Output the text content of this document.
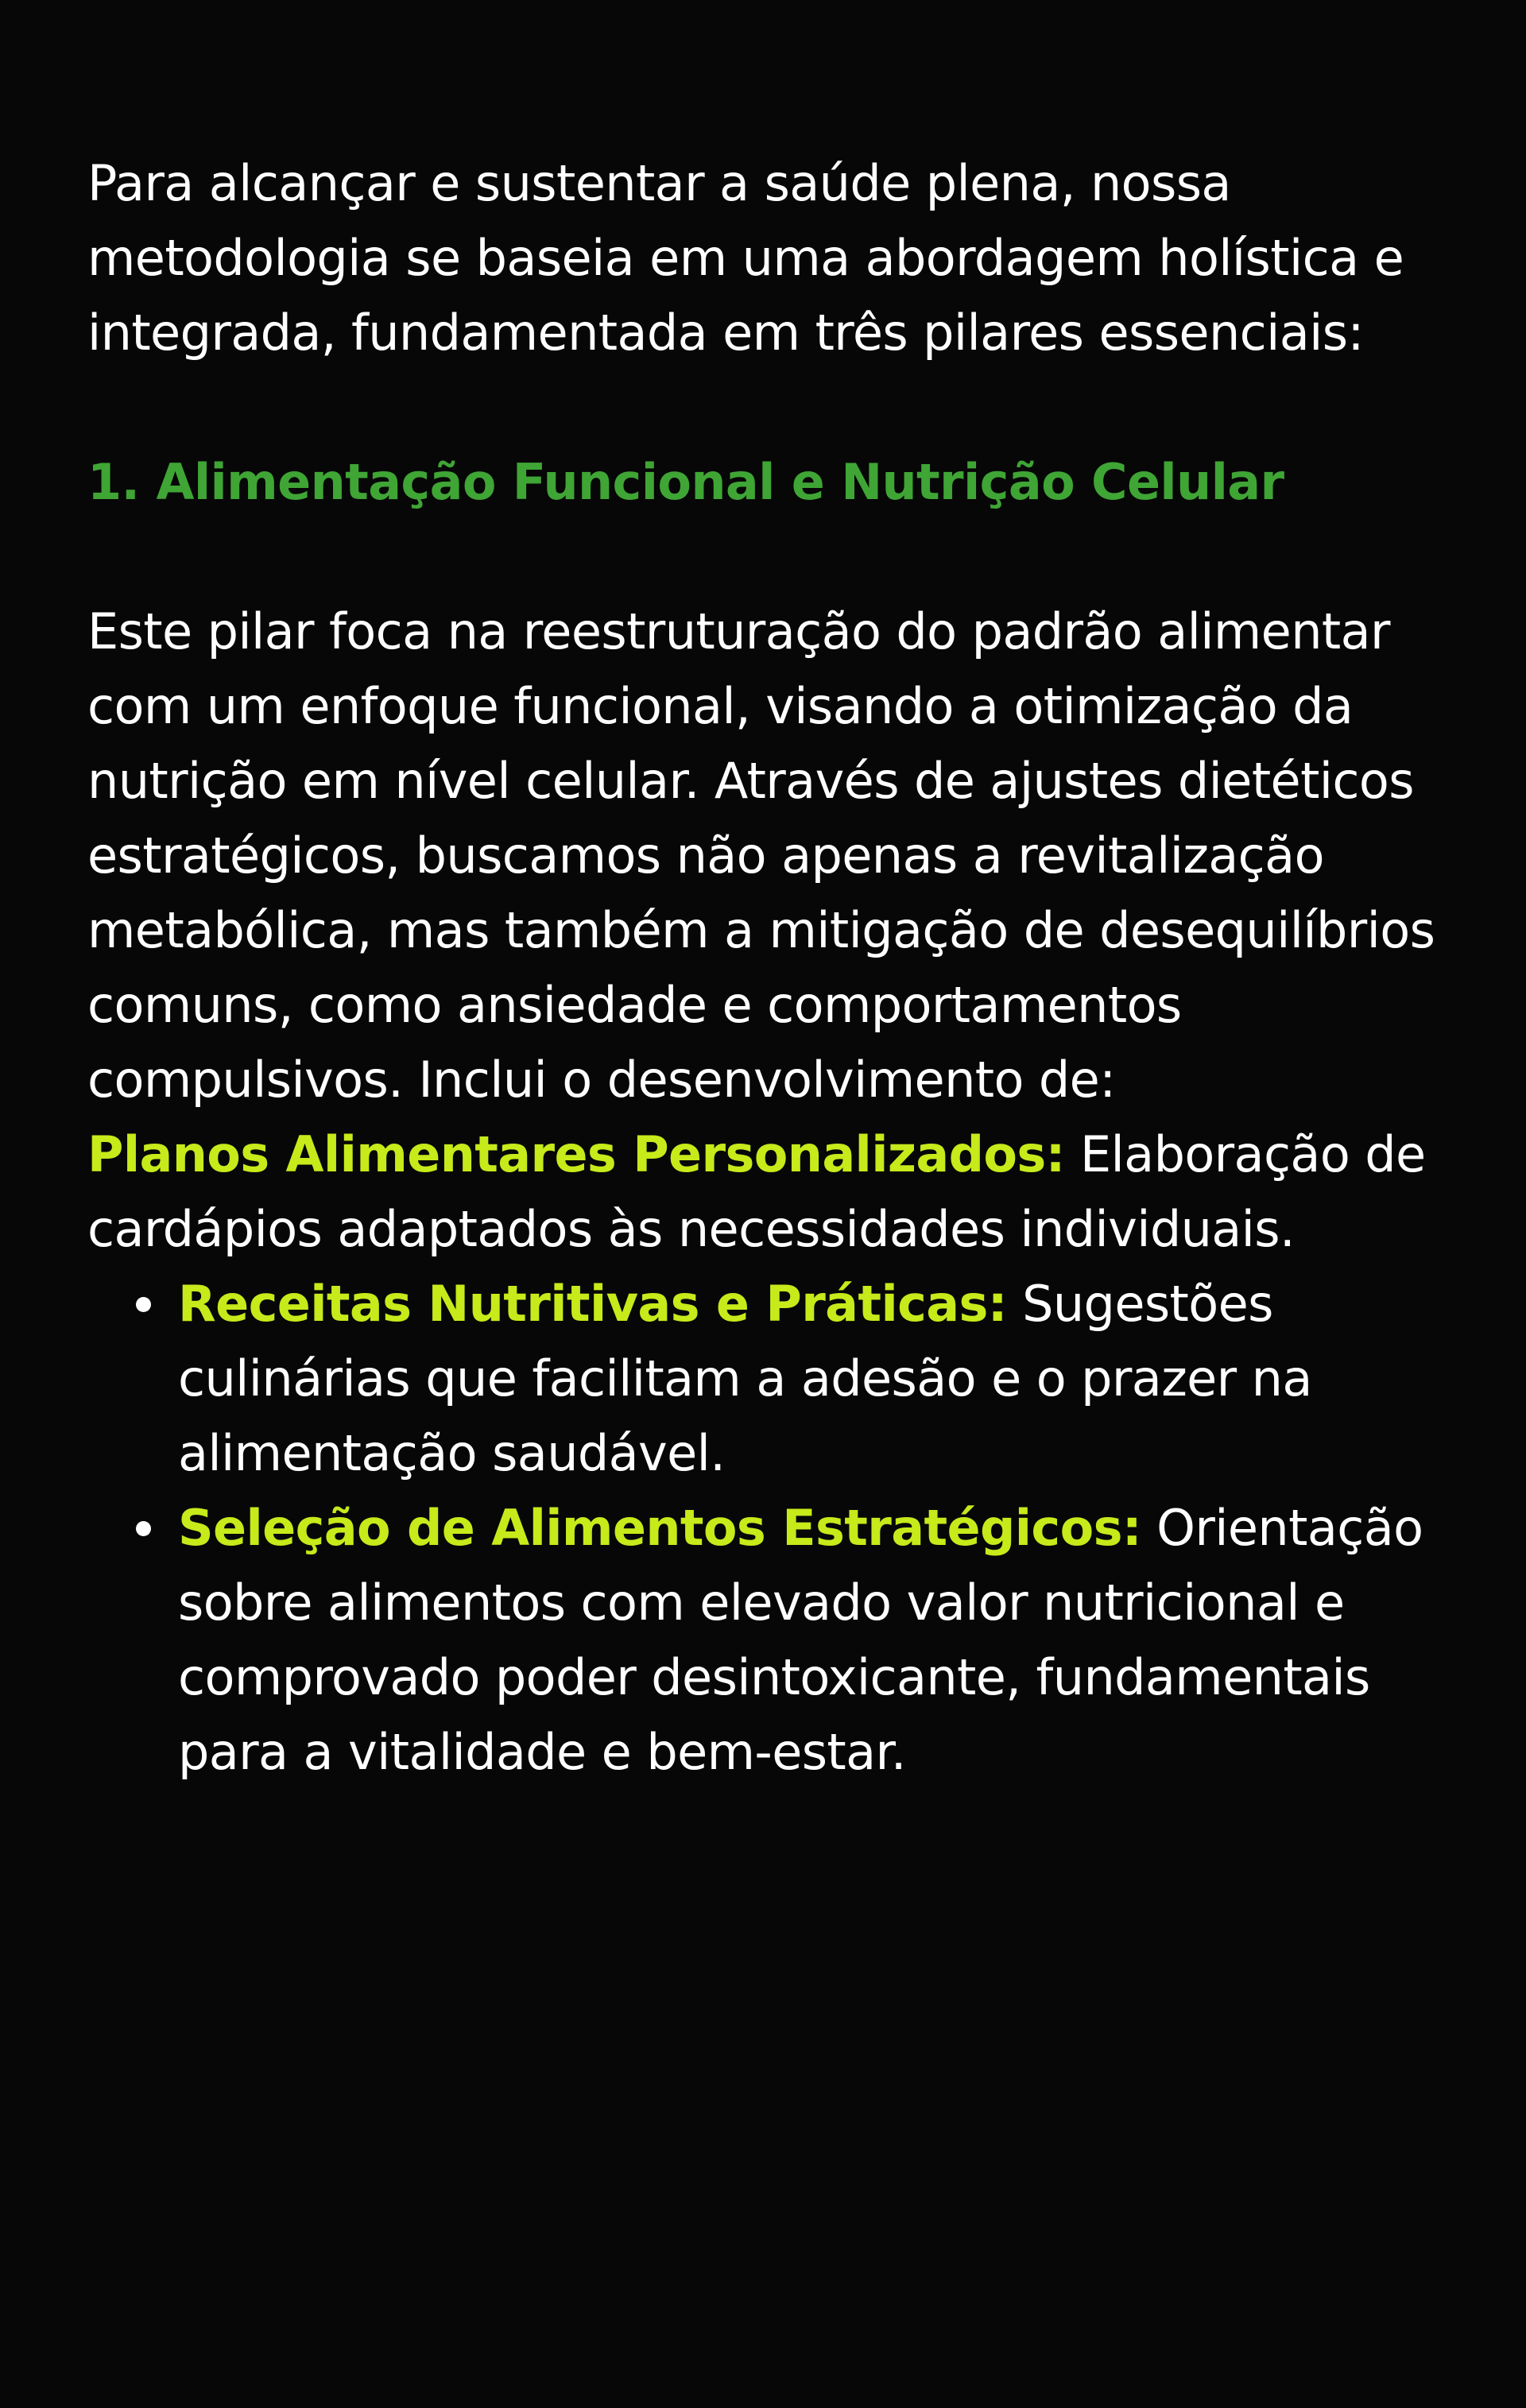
Para alcançar e sustentar a saúde plena, nossa metodologia se baseia em uma abordagem holística e integrada, fundamentada em três pilares essenciais:

1. Alimentação Funcional e Nutrição Celular

Este pilar foca na reestruturação do padrão alimentar com um enfoque funcional, visando a otimização da nutrição em nível celular. Através de ajustes dietéticos estratégicos, buscamos não apenas a revitalização metabólica, mas também a mitigação de desequilíbrios comuns, como ansiedade e comportamentos compulsivos. Inclui o desenvolvimento de:

Planos Alimentares Personalizados: Elaboração de cardápios adaptados às necessidades individuais.

Receitas Nutritivas e Práticas: Sugestões culinárias que facilitam a adesão e o prazer na alimentação saudável.
Seleção de Alimentos Estratégicos: Orientação sobre alimentos com elevado valor nutricional e comprovado poder desintoxicante, fundamentais para a vitalidade e bem-estar.
